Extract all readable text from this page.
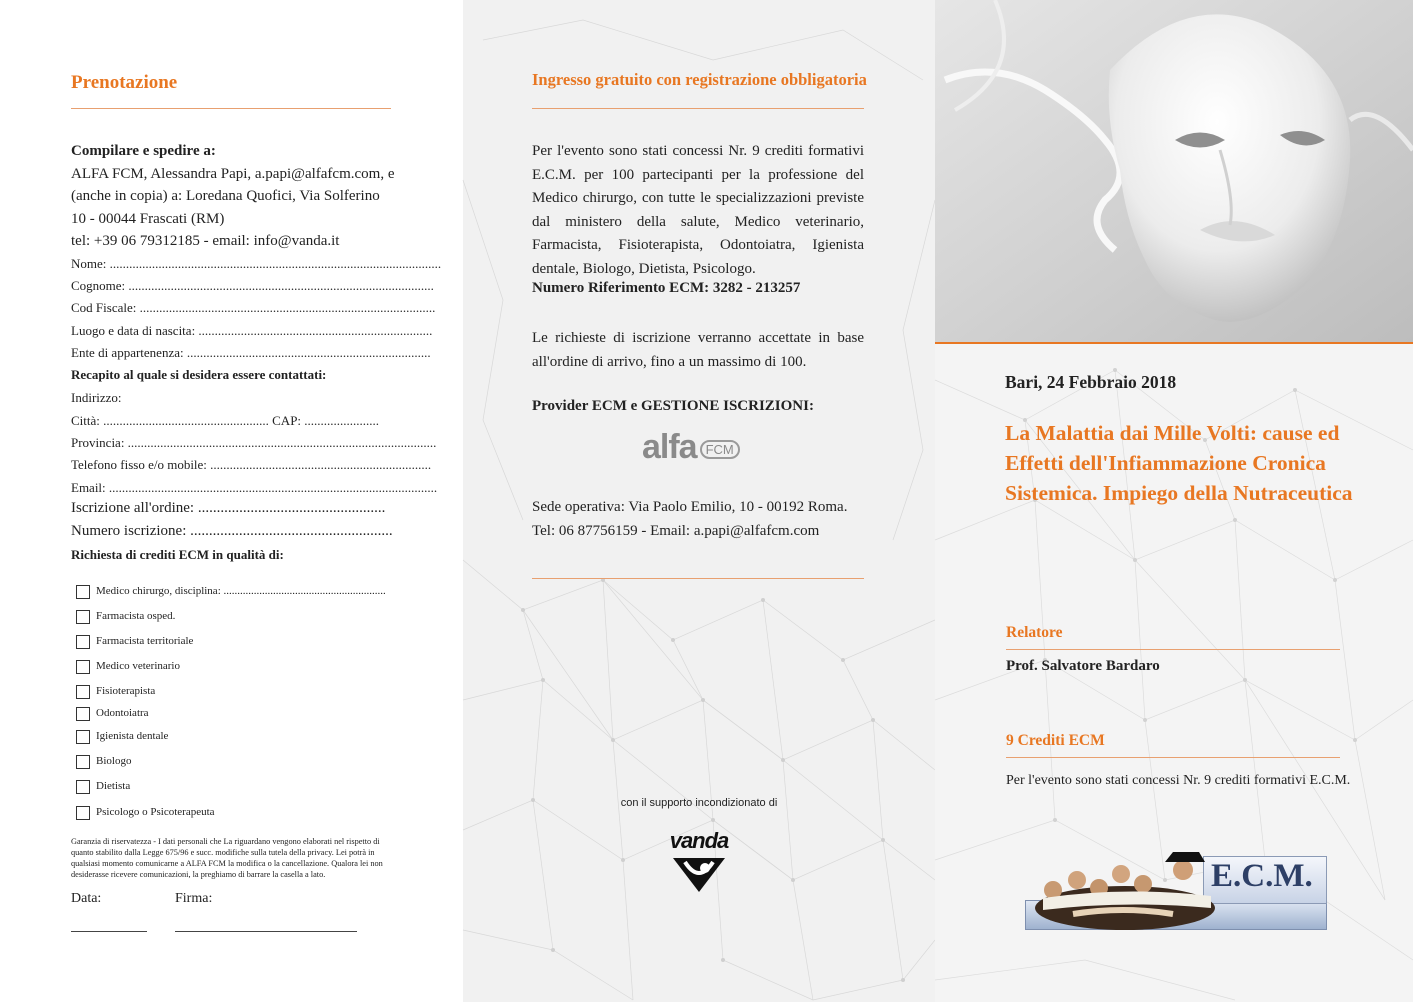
Prenotazione
Compilare e spedire a:
ALFA FCM, Alessandra Papi, a.papi@alfafcm.com, e
(anche in copia) a: Loredana Quofici, Via Solferino
10 - 00044 Frascati (RM)
tel: +39 06 79312185 - email: info@vanda.it
Nome: ......................................................................................................
Cognome: ..............................................................................................
Cod Fiscale: ...........................................................................................
Luogo e data di nascita: ........................................................................
Ente di appartenenza: ...........................................................................
Recapito al quale si desidera essere contattati:
Indirizzo:
Città: ................................................... CAP: .......................
Provincia: ...............................................................................................
Telefono fisso e/o mobile: ....................................................................
Email: .....................................................................................................
Iscrizione all'ordine: ..................................................
Numero iscrizione: ......................................................
Richiesta di crediti ECM in qualità di:
Medico chirurgo, disciplina: ...........................................................
Farmacista osped.
Farmacista territoriale
Medico veterinario
Fisioterapista
Odontoiatra
Igienista dentale
Biologo
Dietista
Psicologo o Psicoterapeuta
Garanzia di riservatezza - I dati personali che La riguardano vengono elaborati nel rispetto di quanto stabilito dalla Legge 675/96 e succ. modifiche sulla tutela della privacy. Lei potrà in qualsiasi momento comunicarne a ALFA FCM la modifica o la cancellazione. Qualora lei non desiderasse ricevere comunicazioni, la preghiamo di barrare la casella a lato.
Data:	Firma:
Ingresso gratuito con registrazione obbligatoria
Per l'evento sono stati concessi Nr. 9 crediti formativi E.C.M. per 100 partecipanti per la professione del Medico chirurgo, con tutte le specializzazioni previste dal ministero della salute, Medico veterinario, Farmacista, Fisioterapista, Odontoiatra, Igienista dentale, Biologo, Dietista, Psicologo.
Numero Riferimento ECM: 3282 - 213257
Le richieste di iscrizione verranno accettate in base all'ordine di arrivo, fino a un massimo di 100.
Provider ECM e GESTIONE ISCRIZIONI:
alfa FCM
Sede operativa: Via Paolo Emilio, 10 - 00192 Roma.
Tel: 06 87756159 - Email: a.papi@alfafcm.com
con il supporto incondizionato di
vanda
Bari, 24 Febbraio 2018
La Malattia dai Mille Volti: cause ed Effetti dell'Infiammazione Cronica Sistemica. Impiego della Nutraceutica
Relatore
Prof. Salvatore Bardaro
9 Crediti ECM
Per l'evento sono stati concessi Nr. 9 crediti formativi E.C.M.
E.C.M.
